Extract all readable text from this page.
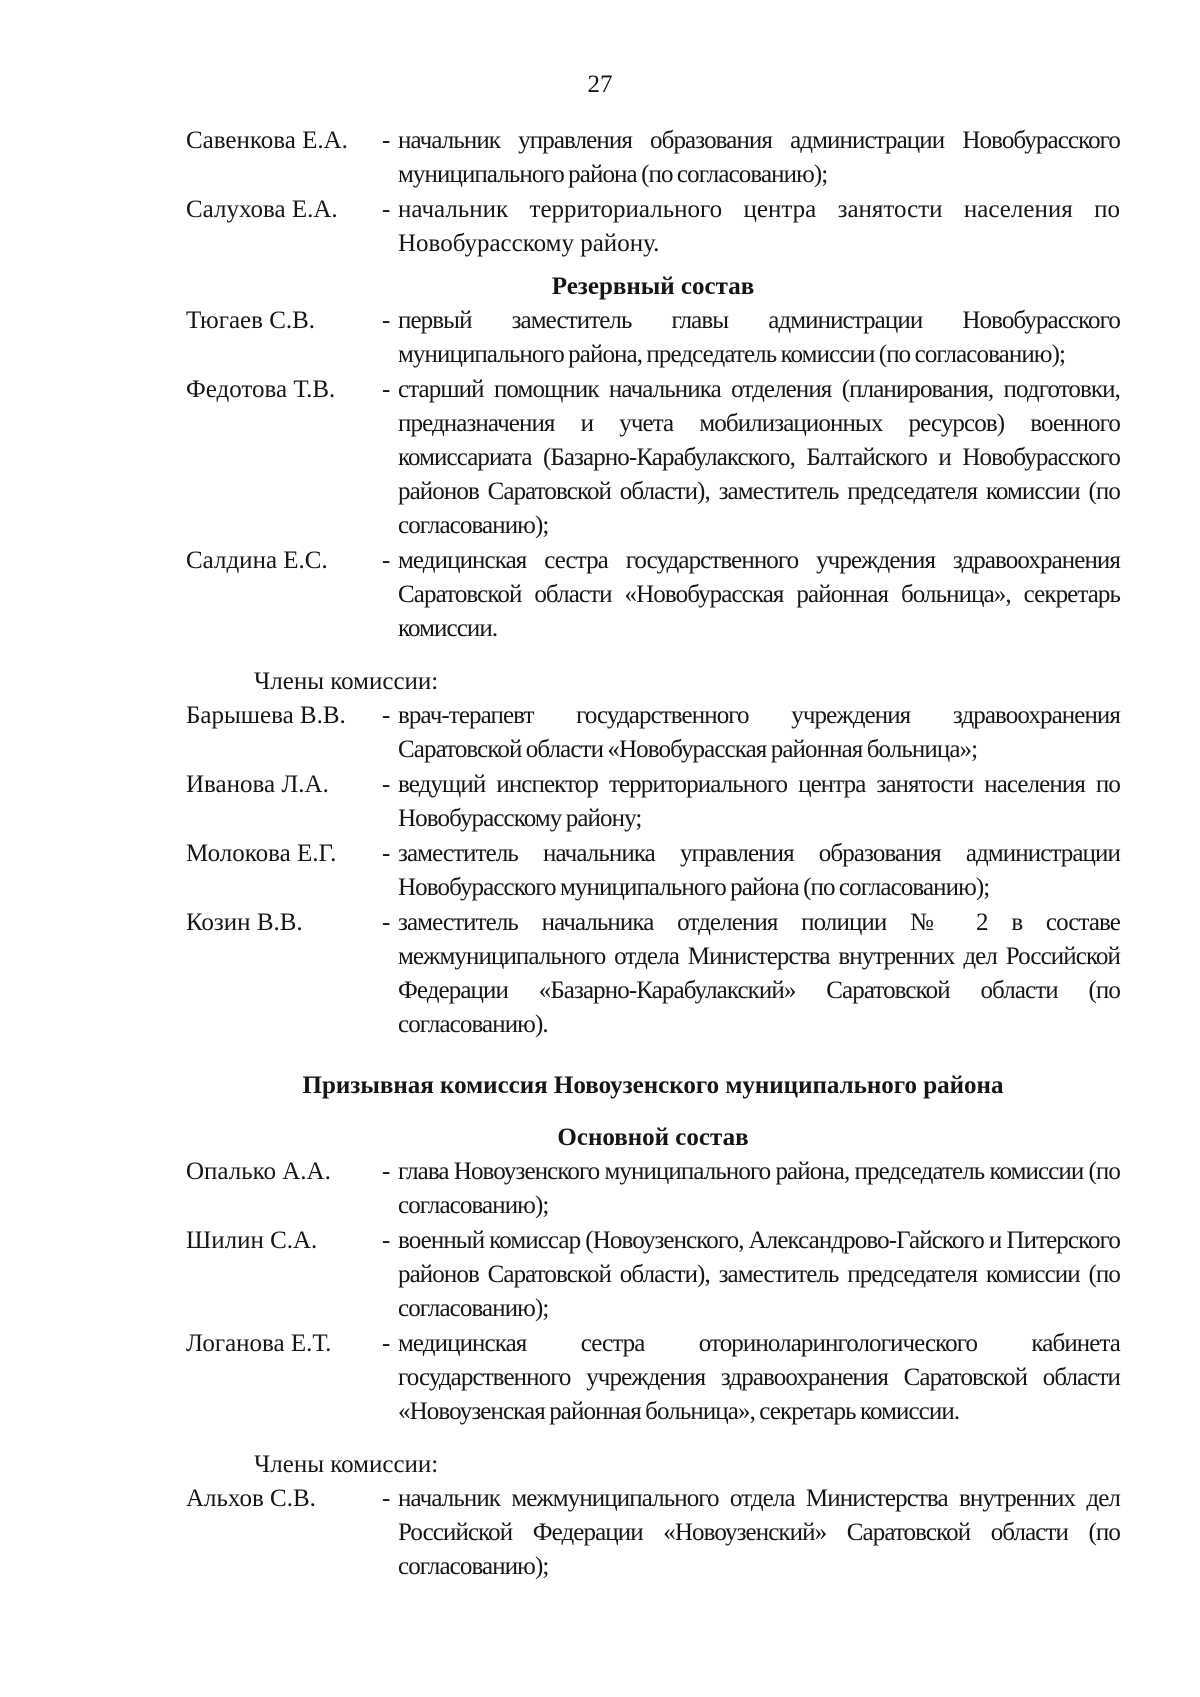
27
Савенкова Е.А.	- начальник управления образования администрации Новобурасского муниципального района (по согласованию);
Салухова Е.А.	- начальник территориального центра занятости населения по Новобурасскому району.
Резервный состав
Тюгаев С.В.	- первый заместитель главы администрации Новобурасского муниципального района, председатель комиссии (по согласованию);
Федотова Т.В.	- старший помощник начальника отделения (планирования, подготовки, предназначения и учета мобилизационных ресурсов) военного комиссариата (Базарно-Карабулакского, Балтайского и Новобурасского районов Саратовской области), заместитель председателя комиссии (по согласованию);
Салдина Е.С.	- медицинская сестра государственного учреждения здравоохранения Саратовской области «Новобурасская районная больница», секретарь комиссии.
Члены комиссии:
Барышева В.В.	- врач-терапевт государственного учреждения здравоохранения Саратовской области «Новобурасская районная больница»;
Иванова Л.А.	- ведущий инспектор территориального центра занятости населения по Новобурасскому району;
Молокова Е.Г.	- заместитель начальника управления образования администрации Новобурасского муниципального района (по согласованию);
Козин В.В.	- заместитель начальника отделения полиции № 2 в составе межмуниципального отдела Министерства внутренних дел Российской Федерации «Базарно-Карабулакский» Саратовской области (по согласованию).
Призывная комиссия Новоузенского муниципального района
Основной состав
Опалько А.А.	- глава Новоузенского муниципального района, председатель комиссии (по согласованию);
Шилин С.А.	- военный комиссар (Новоузенского, Александрово-Гайского и Питерского районов Саратовской области), заместитель председателя комиссии (по согласованию);
Логанова Е.Т.	- медицинская сестра оториноларингологического кабинета государственного учреждения здравоохранения Саратовской области «Новоузенская районная больница», секретарь комиссии.
Члены комиссии:
Альхов С.В.	- начальник межмуниципального отдела Министерства внутренних дел Российской Федерации «Новоузенский» Саратовской области (по согласованию);
